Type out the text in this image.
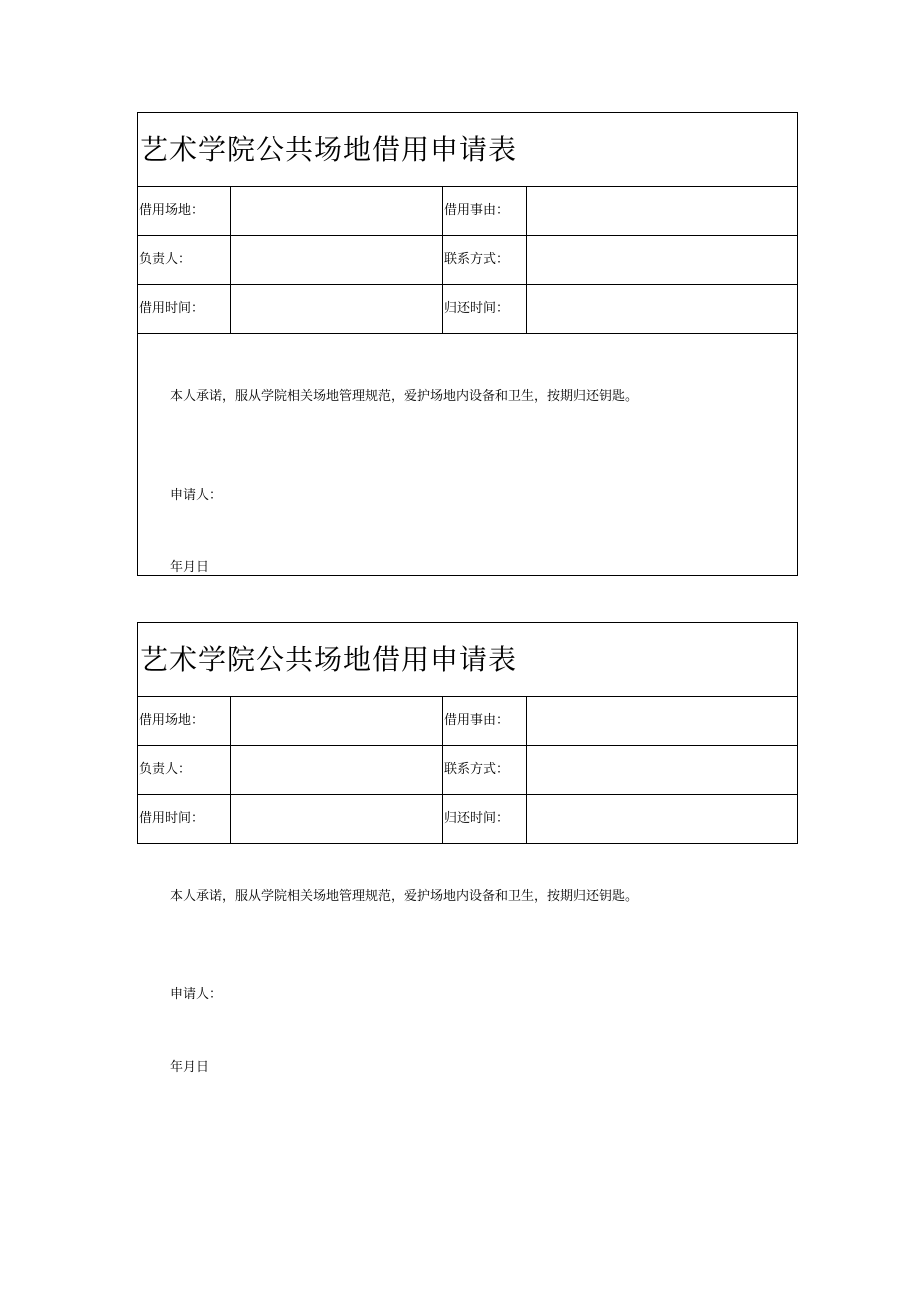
艺术学院公共场地借用申请表
借用场地：	借用事由：
负责人：	联系方式：
借用时间：	归还时间：
本人承诺，服从学院相关场地管理规范，爱护场地内设备和卫生，按期归还钥匙。
申请人：
年月日
艺术学院公共场地借用申请表
借用场地：	借用事由：
负责人：	联系方式：
借用时间：	归还时间：
本人承诺，服从学院相关场地管理规范，爱护场地内设备和卫生，按期归还钥匙。
申请人：
年月日
